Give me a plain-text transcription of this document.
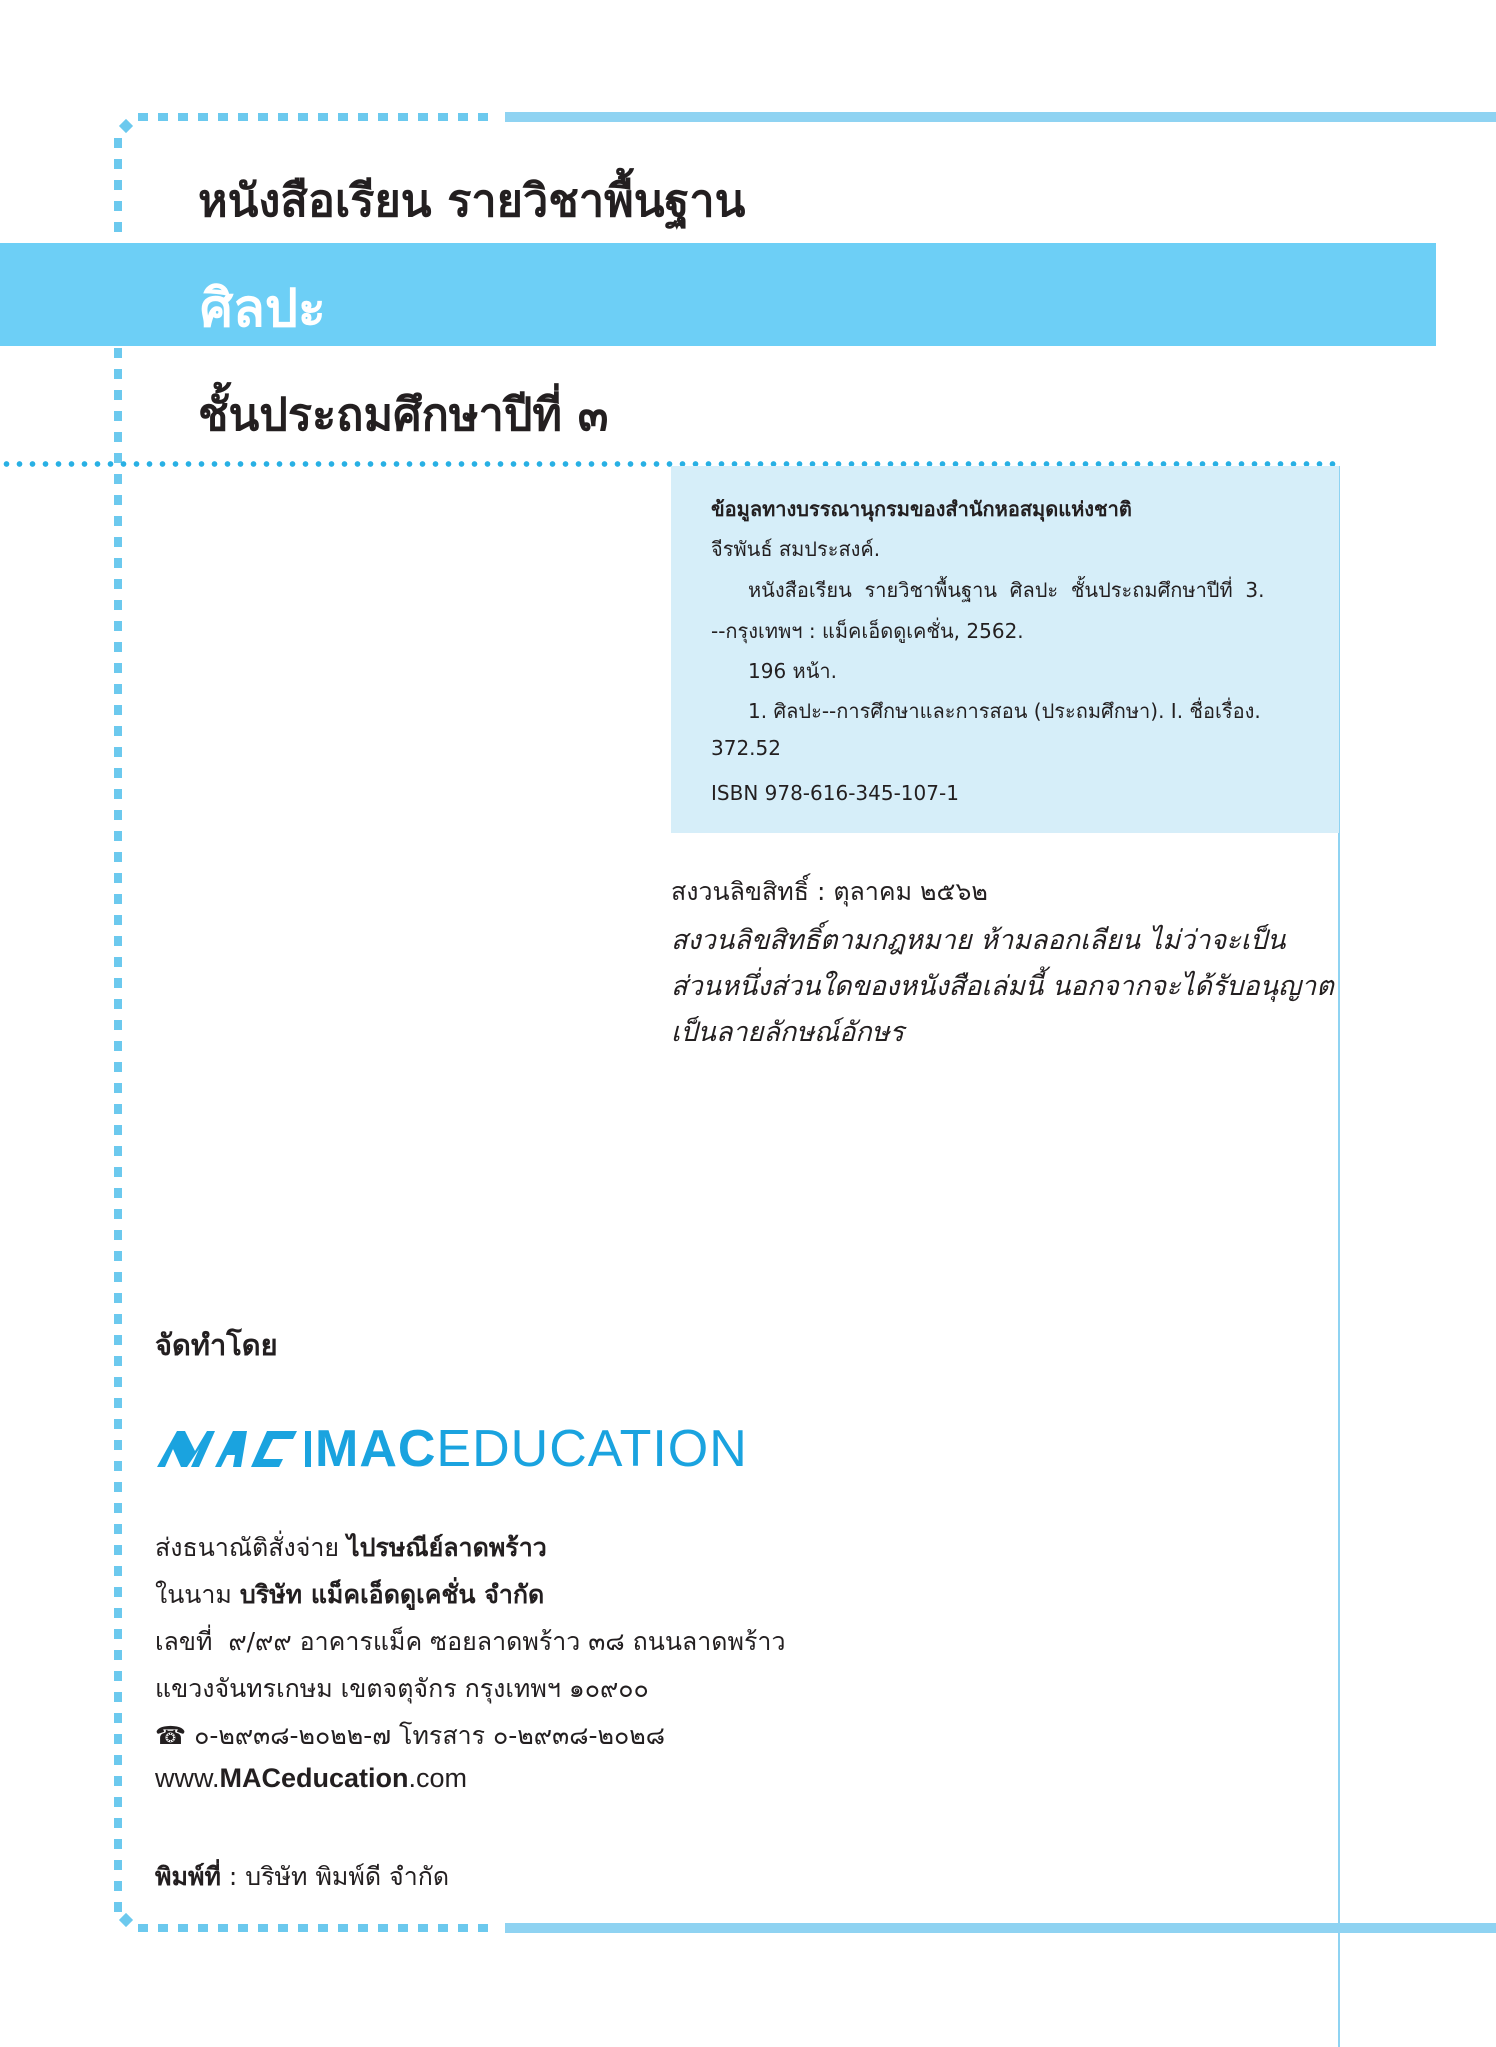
หนังสือเรียน รายวิชาพื้นฐาน
ศิลปะ
ชั้นประถมศึกษาปีที่ ๓
ข้อมูลทางบรรณานุกรมของสำนักหอสมุดแห่งชาติ
จีรพันธ์ สมประสงค์.
หนังสือเรียน  รายวิชาพื้นฐาน  ศิลปะ  ชั้นประถมศึกษาปีที่  3.
--กรุงเทพฯ : แม็คเอ็ดดูเคชั่น, 2562.
196 หน้า.
1. ศิลปะ--การศึกษาและการสอน (ประถมศึกษา). I. ชื่อเรื่อง.
372.52
ISBN 978-616-345-107-1
สงวนลิขสิทธิ์ : ตุลาคม ๒๕๖๒
สงวนลิขสิทธิ์ตามกฎหมาย ห้ามลอกเลียน ไม่ว่าจะเป็น
ส่วนหนึ่งส่วนใดของหนังสือเล่มนี้ นอกจากจะได้รับอนุญาต
เป็นลายลักษณ์อักษร
จัดทำโดย
MACEDUCATION
ส่งธนาณัติสั่งจ่าย ไปรษณีย์ลาดพร้าว
ในนาม บริษัท แม็คเอ็ดดูเคชั่น จำกัด
เลขที่  ๙/๙๙ อาคารแม็ค ซอยลาดพร้าว ๓๘ ถนนลาดพร้าว
แขวงจันทรเกษม เขตจตุจักร กรุงเทพฯ ๑๐๙๐๐
☎ ๐-๒๙๓๘-๒๐๒๒-๗ โทรสาร ๐-๒๙๓๘-๒๐๒๘
www.MACeducation.com
พิมพ์ที่ : บริษัท พิมพ์ดี จำกัด
